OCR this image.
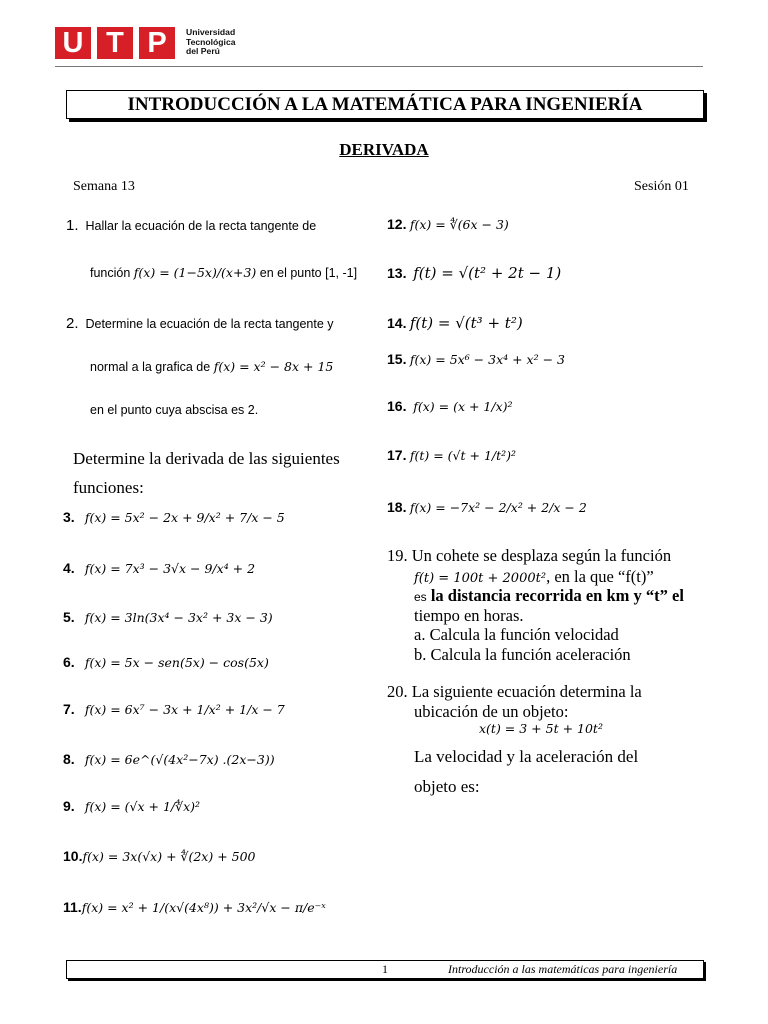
U T P	Universidad
Tecnológica
del Perú
INTRODUCCIÓN A LA MATEMÁTICA PARA INGENIERÍA
DERIVADA
Semana 13	Sesión 01
1. Hallar la ecuación de la recta tangente de
función f(x) = (1−5x)/(x+3) en el punto [1, -1]
2. Determine la ecuación de la recta tangente y
normal a la grafica de f(x) = x² − 8x + 15
en el punto cuya abscisa es 2.
Determine la derivada de las siguientes
funciones:
3. f(x) = 5x² − 2x + 9/x² + 7/x − 5
4. f(x) = 7x³ − 3√x − 9/x⁴ + 2
5. f(x) = 3ln(3x⁴ − 3x² + 3x − 3)
6. f(x) = 5x − sen(5x) − cos(5x)
7. f(x) = 6x⁷ − 3x + 1/x² + 1/x − 7
8. f(x) = 6e^(√(4x²−7x) .(2x−3))
9. f(x) = (√x + 1/∜x)²
10.f(x) = 3x(√x) + ∜(2x) + 500
11.f(x) = x² + 1/(x√(4x⁸)) + 3x²/√x − π/e⁻ˣ
12. f(x) = ∜(6x − 3)
13. f(t) = √(t² + 2t − 1)
14. f(t) = √(t³ + t²)
15. f(x) = 5x⁶ − 3x⁴ + x² − 3
16. f(x) = (x + 1/x)²
17. f(t) = (√t + 1/t²)²
18. f(x) = −7x² − 2/x² + 2/x − 2
19. Un cohete se desplaza según la función
f(t) = 100t + 2000t², en la que “f(t)”
es la distancia recorrida en km y “t” el
tiempo en horas.
a. Calcula la función velocidad
b. Calcula la función aceleración
20. La siguiente ecuación determina la
ubicación de un objeto:
x(t) = 3 + 5t + 10t²
La velocidad y la aceleración del
objeto es:
1	Introducción a las matemáticas para ingeniería
